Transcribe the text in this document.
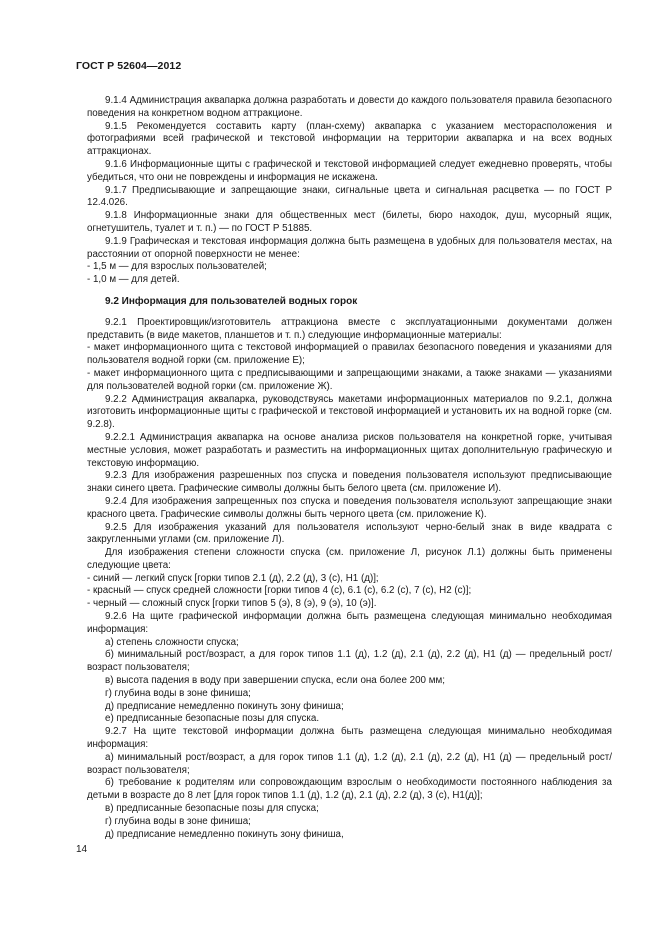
ГОСТ Р 52604—2012

9.1.4 Администрация аквапарка должна разработать и довести до каждого пользователя правила безопасного поведения на конкретном водном аттракционе.

9.1.5 Рекомендуется составить карту (план-схему) аквапарка с указанием месторасположения и фотографиями всей графической и текстовой информации на территории аквапарка и на всех водных аттракционах.

9.1.6 Информационные щиты с графической и текстовой информацией следует ежедневно проверять, чтобы убедиться, что они не повреждены и информация не искажена.

9.1.7 Предписывающие и запрещающие знаки, сигнальные цвета и сигнальная расцветка — по ГОСТ Р 12.4.026.

9.1.8 Информационные знаки для общественных мест (билеты, бюро находок, душ, мусорный ящик, огнетушитель, туалет и т. п.) — по ГОСТ Р 51885.

9.1.9 Графическая и текстовая информация должна быть размещена в удобных для пользователя местах, на расстоянии от опорной поверхности не менее:

- 1,5 м — для взрослых пользователей;

- 1,0 м — для детей.

9.2 Информация для пользователей водных горок

9.2.1 Проектировщик/изготовитель аттракциона вместе с эксплуатационными документами должен представить (в виде макетов, планшетов и т. п.) следующие информационные материалы:

- макет информационного щита с текстовой информацией о правилах безопасного поведения и указаниями для пользователя водной горки (см. приложение Е);

- макет информационного щита с предписывающими и запрещающими знаками, а также знаками — указаниями для пользователей водной горки (см. приложение Ж).

9.2.2 Администрация аквапарка, руководствуясь макетами информационных материалов по 9.2.1, должна изготовить информационные щиты с графической и текстовой информацией и установить их на водной горке (см. 9.2.8).

9.2.2.1 Администрация аквапарка на основе анализа рисков пользователя на конкретной горке, учитывая местные условия, может разработать и разместить на информационных щитах дополнительную графическую и текстовую информацию.

9.2.3 Для изображения разрешенных поз спуска и поведения пользователя используют предписывающие знаки синего цвета. Графические символы должны быть белого цвета (см. приложение И).

9.2.4 Для изображения запрещенных поз спуска и поведения пользователя используют запрещающие знаки красного цвета. Графические символы должны быть черного цвета (см. приложение К).

9.2.5 Для изображения указаний для пользователя используют черно-белый знак в виде квадрата с закругленными углами (см. приложение Л).

Для изображения степени сложности спуска (см. приложение Л, рисунок Л.1) должны быть применены следующие цвета:

- синий — легкий спуск [горки типов 2.1 (д), 2.2 (д), 3 (с), Н1 (д)];

- красный — спуск средней сложности [горки типов 4 (с), 6.1 (с), 6.2 (с), 7 (с), Н2 (с)];

- черный — сложный спуск [горки типов 5 (э), 8 (э), 9 (э), 10 (э)].

9.2.6 На щите графической информации должна быть размещена следующая минимально необходимая информация:

а) степень сложности спуска;

б) минимальный рост/возраст, а для горок типов 1.1 (д), 1.2 (д), 2.1 (д), 2.2 (д), Н1 (д) — предельный рост/возраст пользователя;

в) высота падения в воду при завершении спуска, если она более 200 мм;

г) глубина воды в зоне финиша;

д) предписание немедленно покинуть зону финиша;

е) предписанные безопасные позы для спуска.

9.2.7 На щите текстовой информации должна быть размещена следующая минимально необходимая информация:

а) минимальный рост/возраст, а для горок типов 1.1 (д), 1.2 (д), 2.1 (д), 2.2 (д), Н1 (д) — предельный рост/возраст пользователя;

б) требование к родителям или сопровождающим взрослым о необходимости постоянного наблюдения за детьми в возрасте до 8 лет [для горок типов 1.1 (д), 1.2 (д), 2.1 (д), 2.2 (д), 3 (с), Н1(д)];

в) предписанные безопасные позы для спуска;

г) глубина воды в зоне финиша;

д) предписание немедленно покинуть зону финиша,

14
